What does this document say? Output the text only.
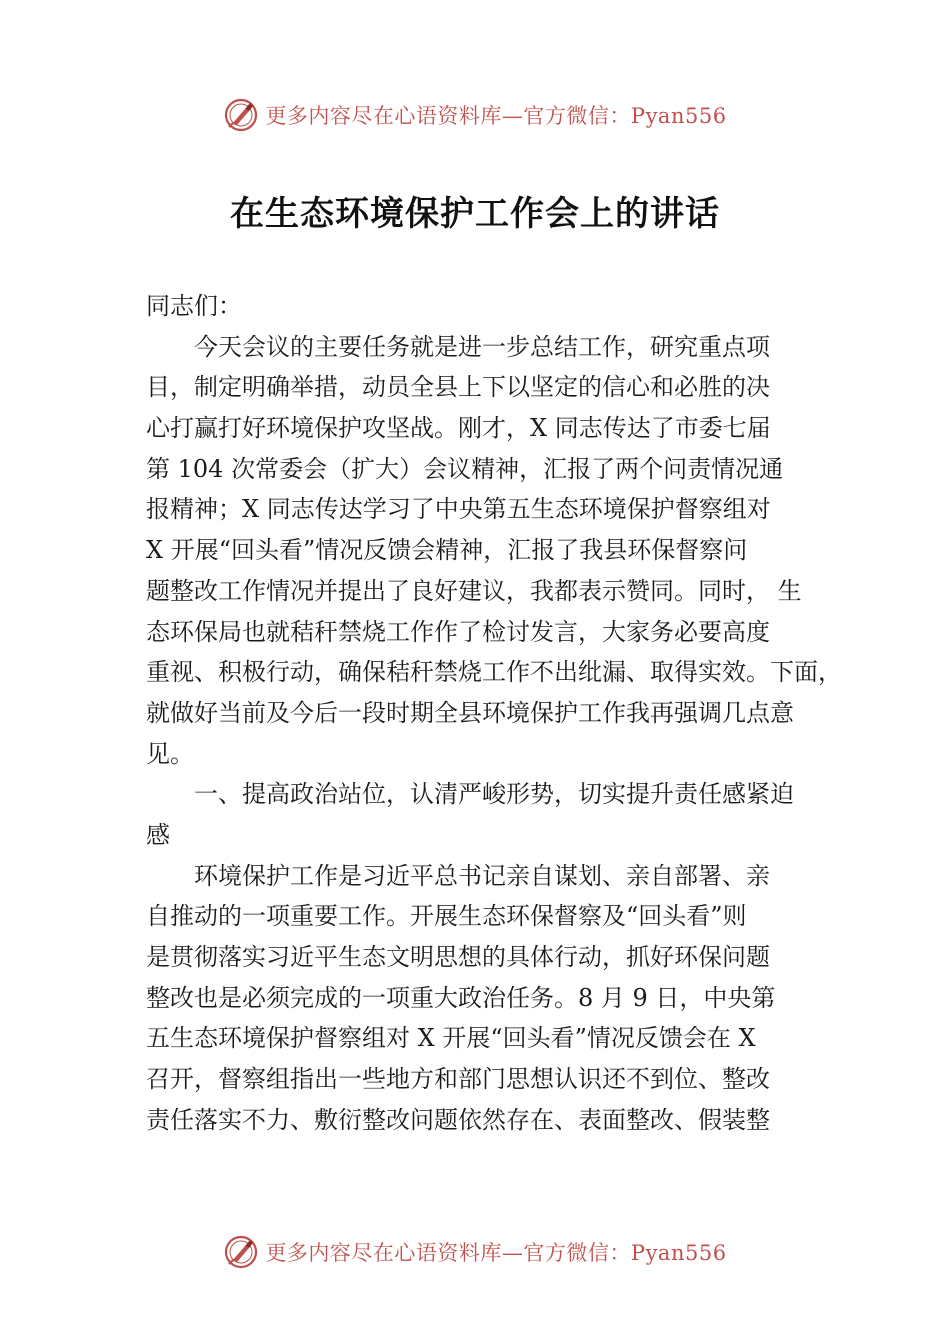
更多内容尽在心语资料库—官方微信：Pyan556
在生态环境保护工作会上的讲话
同志们：
今天会议的主要任务就是进一步总结工作，研究重点项
目，制定明确举措，动员全县上下以坚定的信心和必胜的决
心打赢打好环境保护攻坚战。刚才，X 同志传达了市委七届
第 104 次常委会（扩大）会议精神，汇报了两个问责情况通
报精神；X 同志传达学习了中央第五生态环境保护督察组对
X 开展“回头看”情况反馈会精神，汇报了我县环保督察问
题整改工作情况并提出了良好建议，我都表示赞同。同时， 生
态环保局也就秸秆禁烧工作作了检讨发言，大家务必要高度
重视、积极行动，确保秸秆禁烧工作不出纰漏、取得实效。下面，
就做好当前及今后一段时期全县环境保护工作我再强调几点意
见。
一、提高政治站位，认清严峻形势，切实提升责任感紧迫
感
环境保护工作是习近平总书记亲自谋划、亲自部署、亲
自推动的一项重要工作。开展生态环保督察及“回头看”则
是贯彻落实习近平生态文明思想的具体行动，抓好环保问题
整改也是必须完成的一项重大政治任务。8 月 9 日，中央第
五生态环境保护督察组对 X 开展“回头看”情况反馈会在 X
召开，督察组指出一些地方和部门思想认识还不到位、整改
责任落实不力、敷衍整改问题依然存在、表面整改、假装整
更多内容尽在心语资料库—官方微信：Pyan556
